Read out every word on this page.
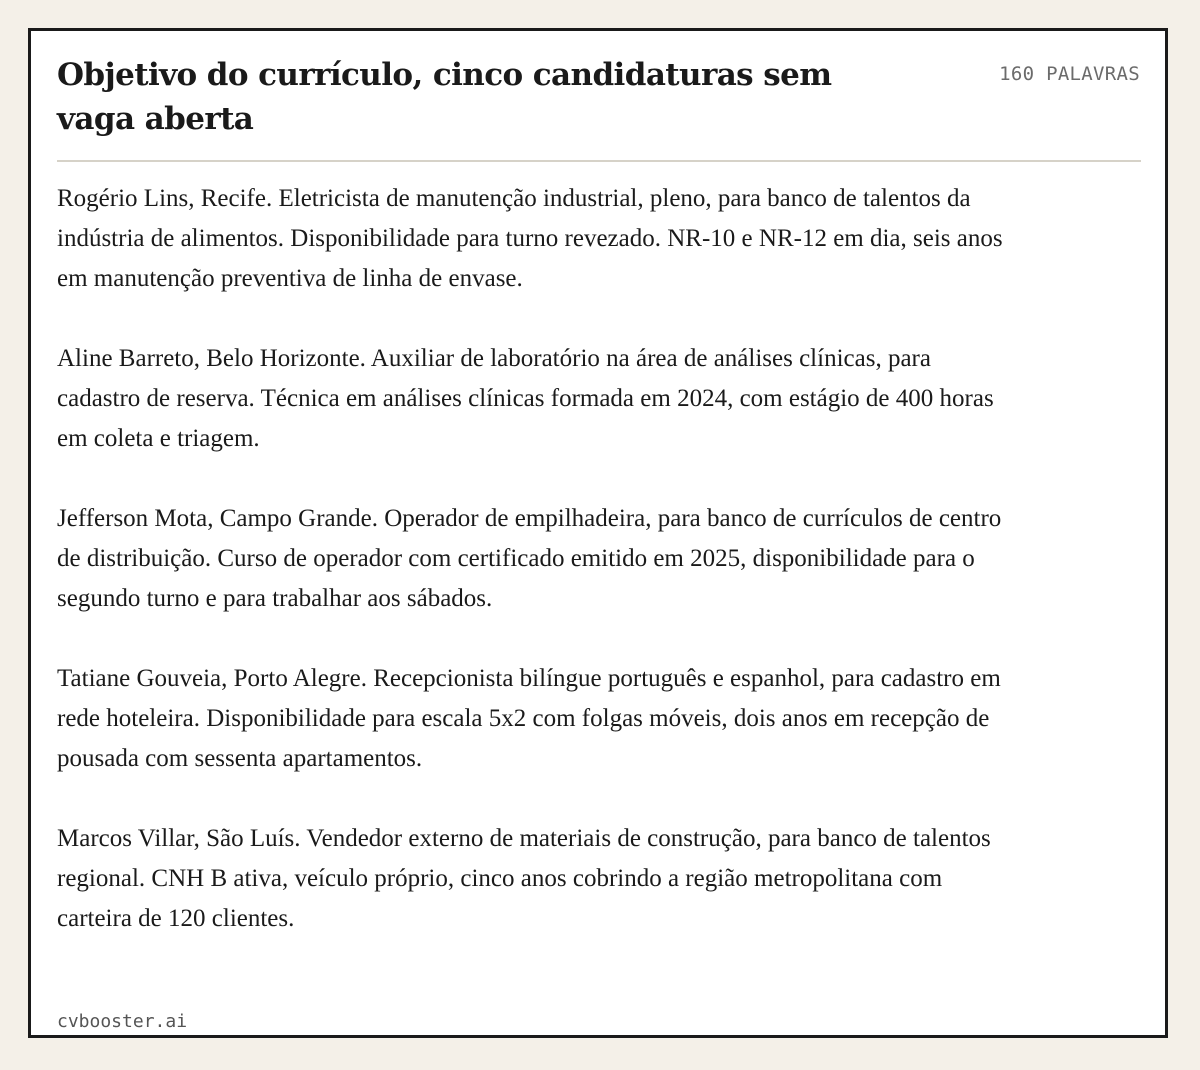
Objetivo do currículo, cinco candidaturas sem vaga aberta
160 PALAVRAS

Rogério Lins, Recife. Eletricista de manutenção industrial, pleno, para banco de talentos da indústria de alimentos. Disponibilidade para turno revezado. NR-10 e NR-12 em dia, seis anos em manutenção preventiva de linha de envase.

Aline Barreto, Belo Horizonte. Auxiliar de laboratório na área de análises clínicas, para cadastro de reserva. Técnica em análises clínicas formada em 2024, com estágio de 400 horas em coleta e triagem.

Jefferson Mota, Campo Grande. Operador de empilhadeira, para banco de currículos de centro de distribuição. Curso de operador com certificado emitido em 2025, disponibilidade para o segundo turno e para trabalhar aos sábados.

Tatiane Gouveia, Porto Alegre. Recepcionista bilíngue português e espanhol, para cadastro em rede hoteleira. Disponibilidade para escala 5x2 com folgas móveis, dois anos em recepção de pousada com sessenta apartamentos.

Marcos Villar, São Luís. Vendedor externo de materiais de construção, para banco de talentos regional. CNH B ativa, veículo próprio, cinco anos cobrindo a região metropolitana com carteira de 120 clientes.

cvbooster.ai
